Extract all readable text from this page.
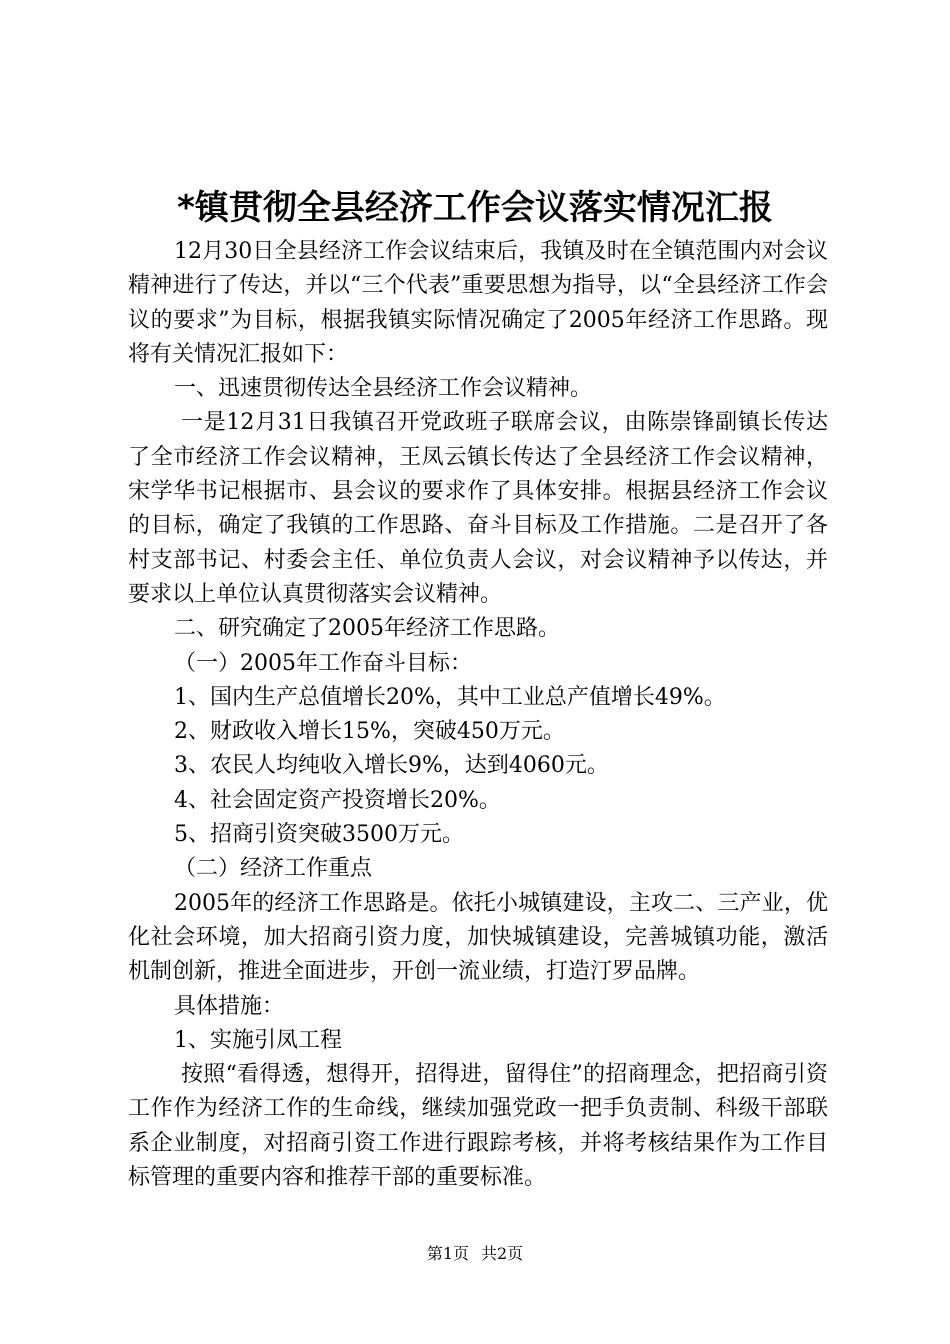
*镇贯彻全县经济工作会议落实情况汇报

12月30日全县经济工作会议结束后，我镇及时在全镇范围内对会议精神进行了传达，并以“三个代表”重要思想为指导，以“全县经济工作会议的要求”为目标，根据我镇实际情况确定了2005年经济工作思路。现将有关情况汇报如下：

一、迅速贯彻传达全县经济工作会议精神。

一是12月31日我镇召开党政班子联席会议，由陈崇锋副镇长传达了全市经济工作会议精神，王凤云镇长传达了全县经济工作会议精神，宋学华书记根据市、县会议的要求作了具体安排。根据县经济工作会议的目标，确定了我镇的工作思路、奋斗目标及工作措施。二是召开了各村支部书记、村委会主任、单位负责人会议，对会议精神予以传达，并要求以上单位认真贯彻落实会议精神。

二、研究确定了2005年经济工作思路。

（一）2005年工作奋斗目标：

1、国内生产总值增长20%，其中工业总产值增长49%。

2、财政收入增长15%，突破450万元。

3、农民人均纯收入增长9%，达到4060元。

4、社会固定资产投资增长20%。

5、招商引资突破3500万元。

（二）经济工作重点

2005年的经济工作思路是。依托小城镇建设，主攻二、三产业，优化社会环境，加大招商引资力度，加快城镇建设，完善城镇功能，激活机制创新，推进全面进步，开创一流业绩，打造汀罗品牌。

具体措施：

1、实施引凤工程

按照“看得透，想得开，招得进，留得住”的招商理念，把招商引资工作作为经济工作的生命线，继续加强党政一把手负责制、科级干部联系企业制度，对招商引资工作进行跟踪考核，并将考核结果作为工作目标管理的重要内容和推荐干部的重要标准。

第1页 共2页
